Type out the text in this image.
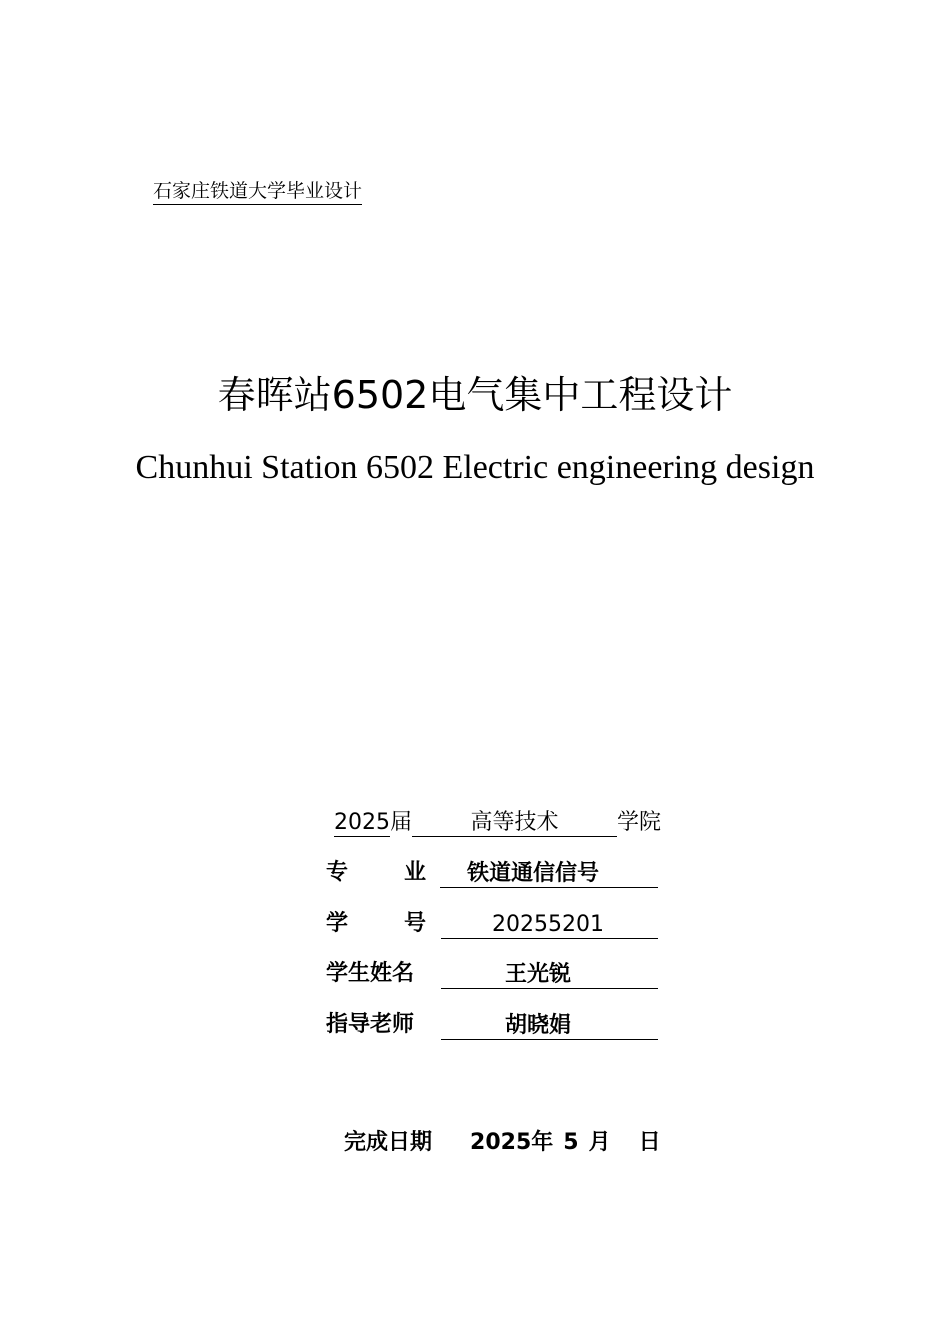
石家庄铁道大学毕业设计
春晖站6502电气集中工程设计
Chunhui Station 6502 Electric engineering design
2025届	高等技术	学院
专	业	铁道通信信号
学	号	20255201
学生姓名	王光锐
指导老师	胡晓娟
完成日期 2025年 5 月 日
